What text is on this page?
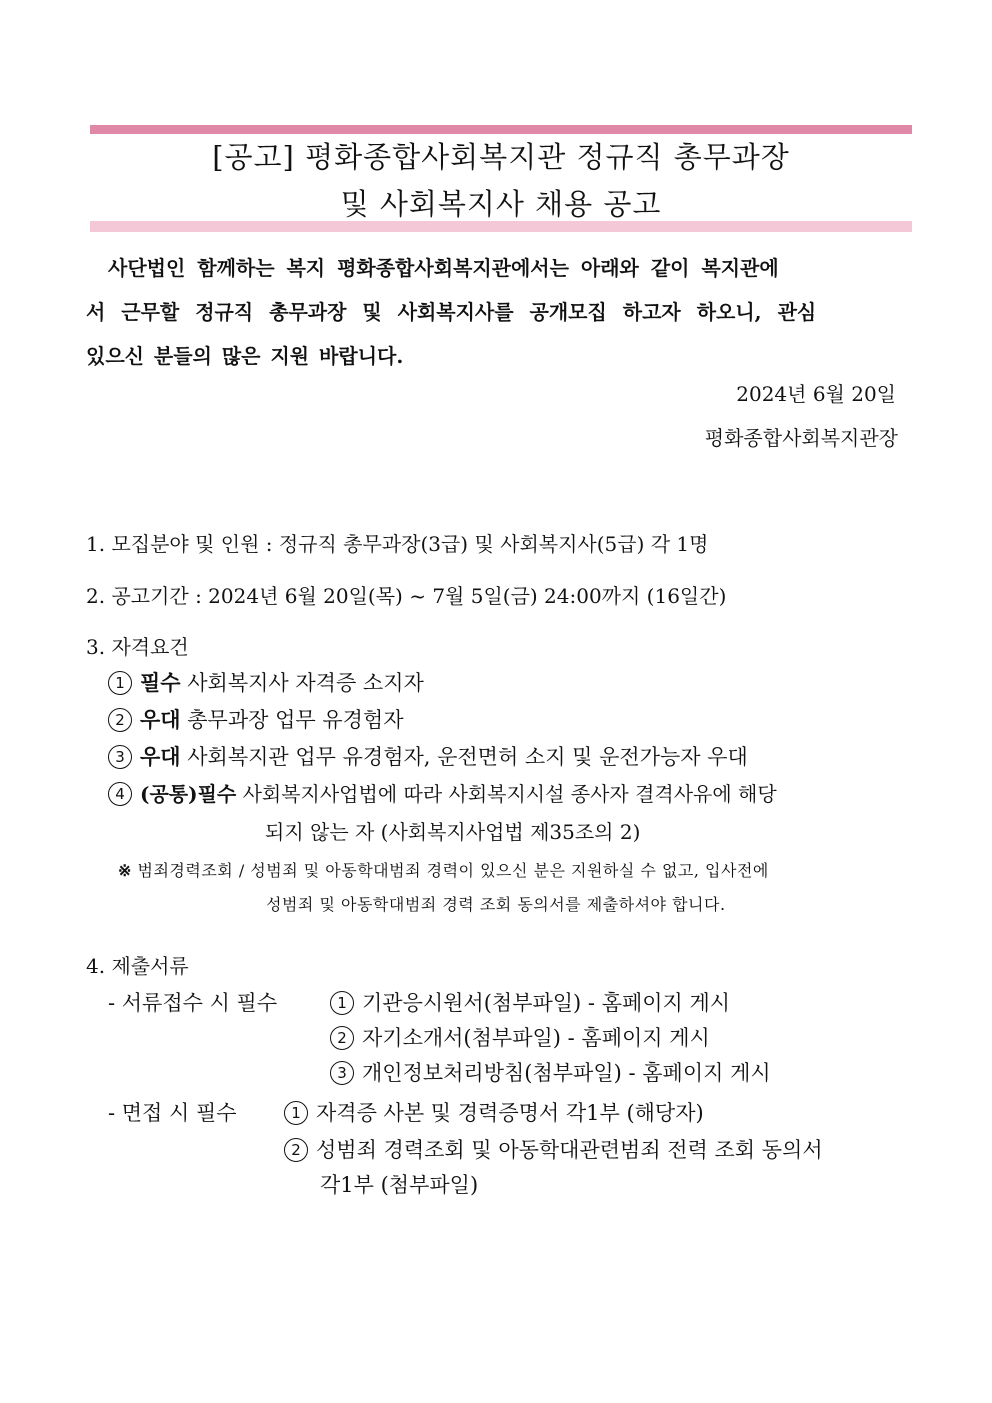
[공고] 평화종합사회복지관 정규직 총무과장
및 사회복지사 채용 공고
사단법인 함께하는 복지 평화종합사회복지관에서는 아래와 같이 복지관에
서 근무할 정규직 총무과장 및 사회복지사를 공개모집 하고자 하오니, 관심
있으신 분들의 많은 지원 바랍니다.
2024년 6월 20일
평화종합사회복지관장
1. 모집분야 및 인원 : 정규직 총무과장(3급) 및 사회복지사(5급) 각 1명
2. 공고기간 : 2024년 6월 20일(목) ~ 7월 5일(금) 24:00까지 (16일간)
3. 자격요건
1 필수 사회복지사 자격증 소지자
2 우대 총무과장 업무 유경험자
3 우대 사회복지관 업무 유경험자, 운전면허 소지 및 운전가능자 우대
4 (공통)필수 사회복지사업법에 따라 사회복지시설 종사자 결격사유에 해당
되지 않는 자 (사회복지사업법 제35조의 2)
※ 범죄경력조회 / 성범죄 및 아동학대범죄 경력이 있으신 분은 지원하실 수 없고, 입사전에
성범죄 및 아동학대범죄 경력 조회 동의서를 제출하셔야 합니다.
4. 제출서류
- 서류접수 시 필수	1 기관응시원서(첨부파일) - 홈페이지 게시
2 자기소개서(첨부파일) - 홈페이지 게시
3 개인정보처리방침(첨부파일) - 홈페이지 게시
- 면접 시 필수	1 자격증 사본 및 경력증명서 각1부 (해당자)
2 성범죄 경력조회 및 아동학대관련범죄 전력 조회 동의서
각1부 (첨부파일)
